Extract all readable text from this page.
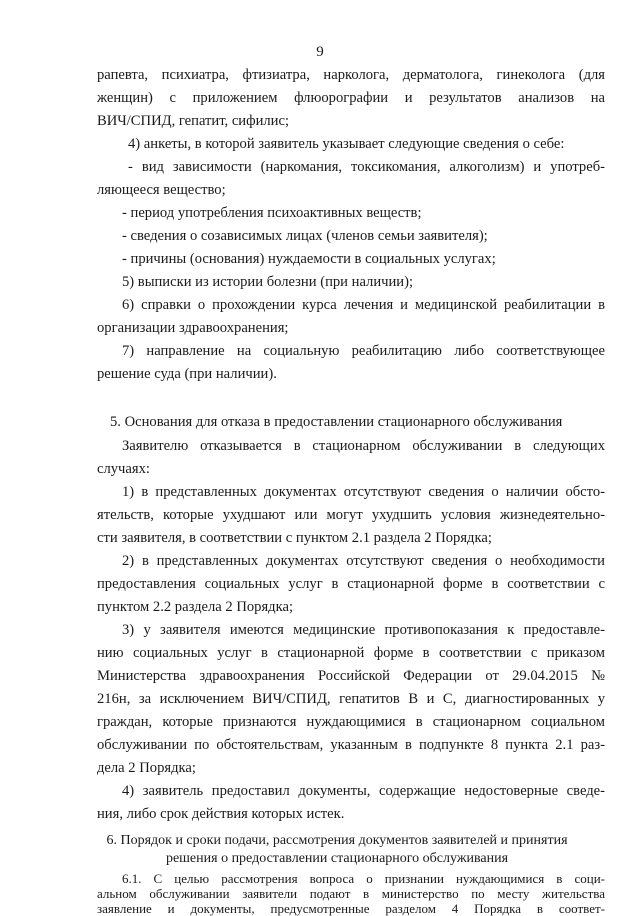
9
рапевта, психиатра, фтизиатра, нарколога, дерматолога, гинеколога (для
женщин) с приложением флюорографии и результатов анализов на
ВИЧ/СПИД, гепатит, сифилис;
4) анкеты, в которой заявитель указывает следующие сведения о себе:
- вид зависимости (наркомания, токсикомания, алкоголизм) и употреб-
ляющееся вещество;
- период употребления психоактивных веществ;
- сведения о созависимых лицах (членов семьи заявителя);
- причины (основания) нуждаемости в социальных услугах;
5) выписки из истории болезни (при наличии);
6) справки о прохождении курса лечения и медицинской реабилитации в
организации здравоохранения;
7) направление на социальную реабилитацию либо соответствующее
решение суда (при наличии).
5. Основания для отказа в предоставлении стационарного обслуживания
Заявителю отказывается в стационарном обслуживании в следующих
случаях:
1) в представленных документах отсутствуют сведения о наличии обсто-
ятельств, которые ухудшают или могут ухудшить условия жизнедеятельно-
сти заявителя, в соответствии с пунктом 2.1 раздела 2 Порядка;
2) в представленных документах отсутствуют сведения о необходимости
предоставления социальных услуг в стационарной форме в соответствии с
пунктом 2.2 раздела 2 Порядка;
3) у заявителя имеются медицинские противопоказания к предоставле-
нию социальных услуг в стационарной форме в соответствии с приказом
Министерства здравоохранения Российской Федерации от 29.04.2015 №
216н, за исключением ВИЧ/СПИД, гепатитов В и С, диагностированных у
граждан, которые признаются нуждающимися в стационарном социальном
обслуживании по обстоятельствам, указанным в подпункте 8 пункта 2.1 раз-
дела 2 Порядка;
4) заявитель предоставил документы, содержащие недостоверные сведе-
ния, либо срок действия которых истек.
6. Порядок и сроки подачи, рассмотрения документов заявителей и принятия
решения о предоставлении стационарного обслуживания
6.1. С целью рассмотрения вопроса о признании нуждающимися в соци-
альном обслуживании заявители подают в министерство по месту жительства
заявление и документы, предусмотренные разделом 4 Порядка в соответ-
